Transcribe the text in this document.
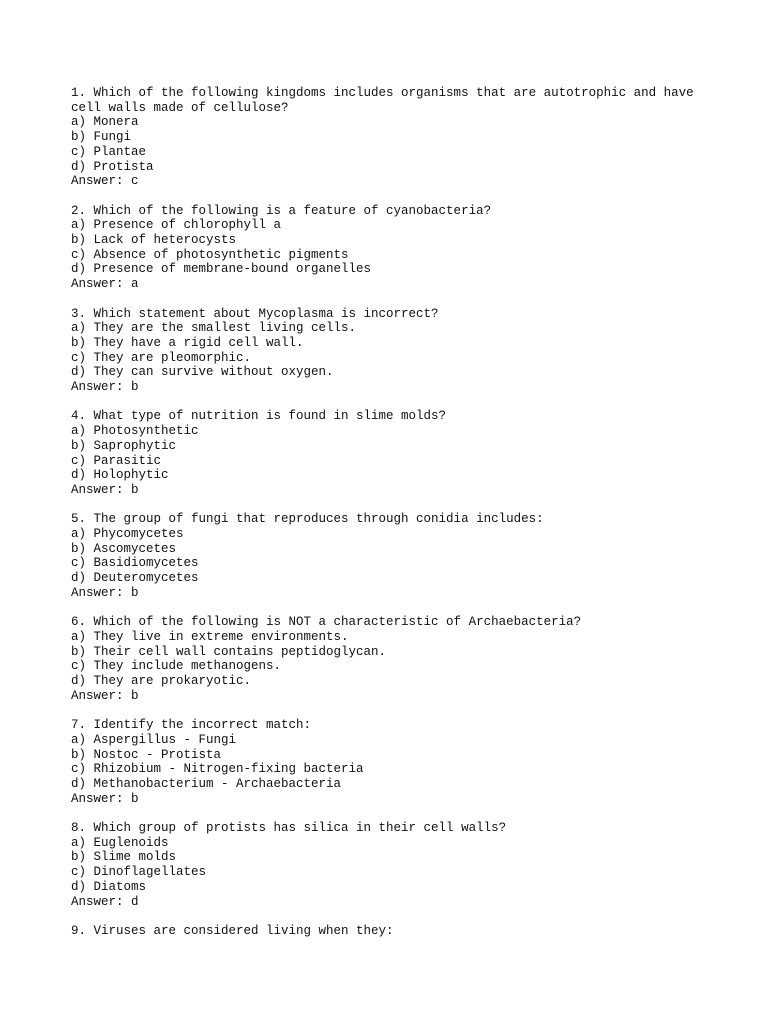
1. Which of the following kingdoms includes organisms that are autotrophic and have cell walls made of cellulose?
a) Monera
b) Fungi
c) Plantae
d) Protista
Answer: c
2. Which of the following is a feature of cyanobacteria?
a) Presence of chlorophyll a
b) Lack of heterocysts
c) Absence of photosynthetic pigments
d) Presence of membrane-bound organelles
Answer: a
3. Which statement about Mycoplasma is incorrect?
a) They are the smallest living cells.
b) They have a rigid cell wall.
c) They are pleomorphic.
d) They can survive without oxygen.
Answer: b
4. What type of nutrition is found in slime molds?
a) Photosynthetic
b) Saprophytic
c) Parasitic
d) Holophytic
Answer: b
5. The group of fungi that reproduces through conidia includes:
a) Phycomycetes
b) Ascomycetes
c) Basidiomycetes
d) Deuteromycetes
Answer: b
6. Which of the following is NOT a characteristic of Archaebacteria?
a) They live in extreme environments.
b) Their cell wall contains peptidoglycan.
c) They include methanogens.
d) They are prokaryotic.
Answer: b
7. Identify the incorrect match:
a) Aspergillus - Fungi
b) Nostoc - Protista
c) Rhizobium - Nitrogen-fixing bacteria
d) Methanobacterium - Archaebacteria
Answer: b
8. Which group of protists has silica in their cell walls?
a) Euglenoids
b) Slime molds
c) Dinoflagellates
d) Diatoms
Answer: d
9. Viruses are considered living when they:
